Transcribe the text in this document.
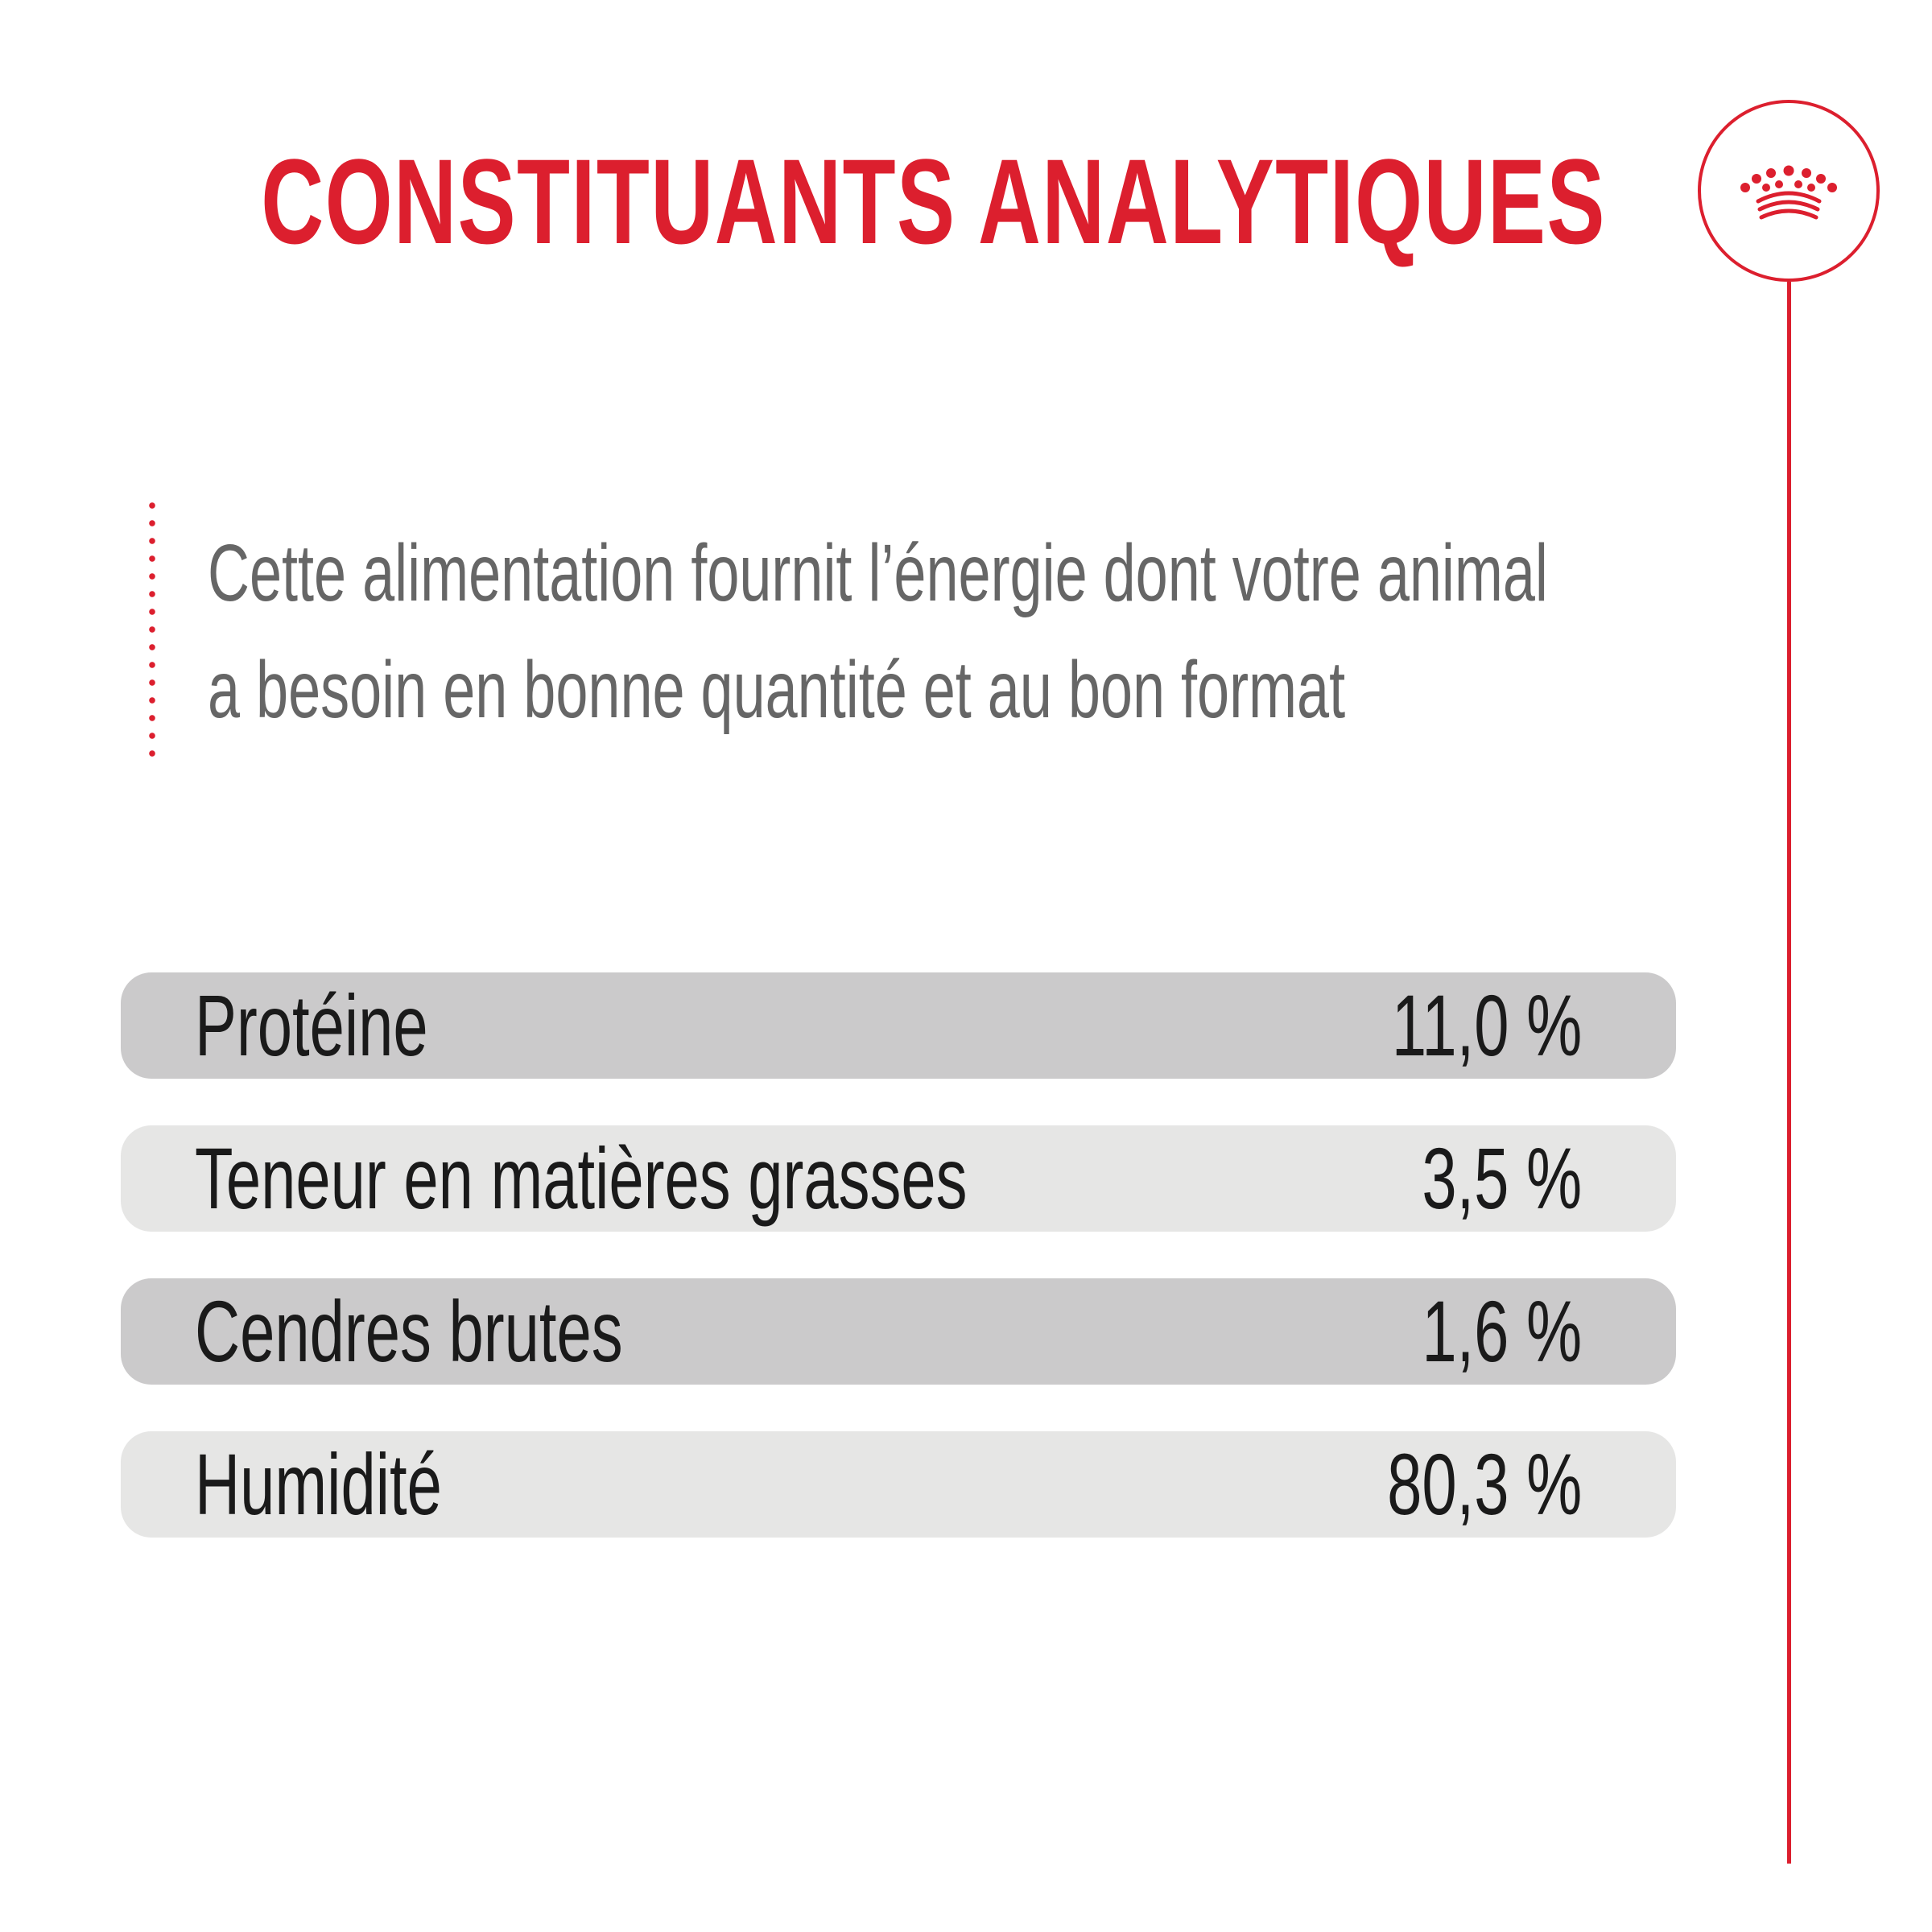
CONSTITUANTS ANALYTIQUES
Cette alimentation fournit l’énergie dont votre animal
a besoin en bonne quantité et au bon format
Protéine	11,0 %
Teneur en matières grasses	3,5 %
Cendres brutes	1,6 %
Humidité	80,3 %
